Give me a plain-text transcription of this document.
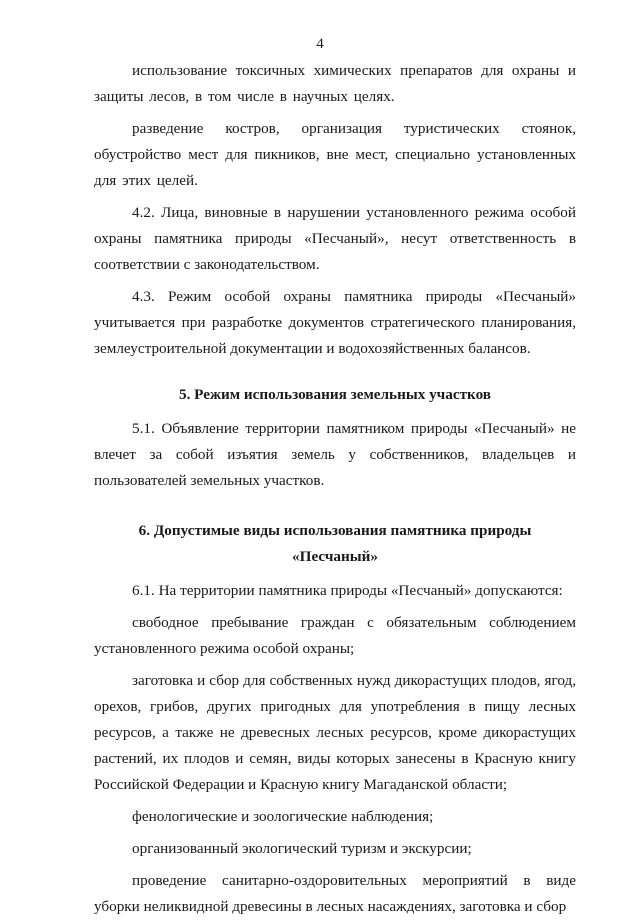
4

использование токсичных химических препаратов для охраны и защиты лесов, в том числе в научных целях.

разведение костров, организация туристических стоянок, обустройство мест для пикников, вне мест, специально установленных для этих целей.

4.2. Лица, виновные в нарушении установленного режима особой охраны памятника природы «Песчаный», несут ответственность в соответствии с законодательством.

4.3. Режим особой охраны памятника природы «Песчаный» учитывается при разработке документов стратегического планирования, землеустроительной документации и водохозяйственных балансов.

5. Режим использования земельных участков

5.1. Объявление территории памятником природы «Песчаный» не влечет за собой изъятия земель у собственников, владельцев и пользователей земельных участков.

6. Допустимые виды использования памятника природы «Песчаный»

6.1. На территории памятника природы «Песчаный» допускаются:

свободное пребывание граждан с обязательным соблюдением установленного режима особой охраны;

заготовка и сбор для собственных нужд дикорастущих плодов, ягод, орехов, грибов, других пригодных для употребления в пищу лесных ресурсов, а также не древесных лесных ресурсов, кроме дикорастущих растений, их плодов и семян, виды которых занесены в Красную книгу Российской Федерации и Красную книгу Магаданской области;

фенологические и зоологические наблюдения;

организованный экологический туризм и экскурсии;

проведение санитарно-оздоровительных мероприятий в виде уборки неликвидной древесины в лесных насаждениях, заготовка и сбор
